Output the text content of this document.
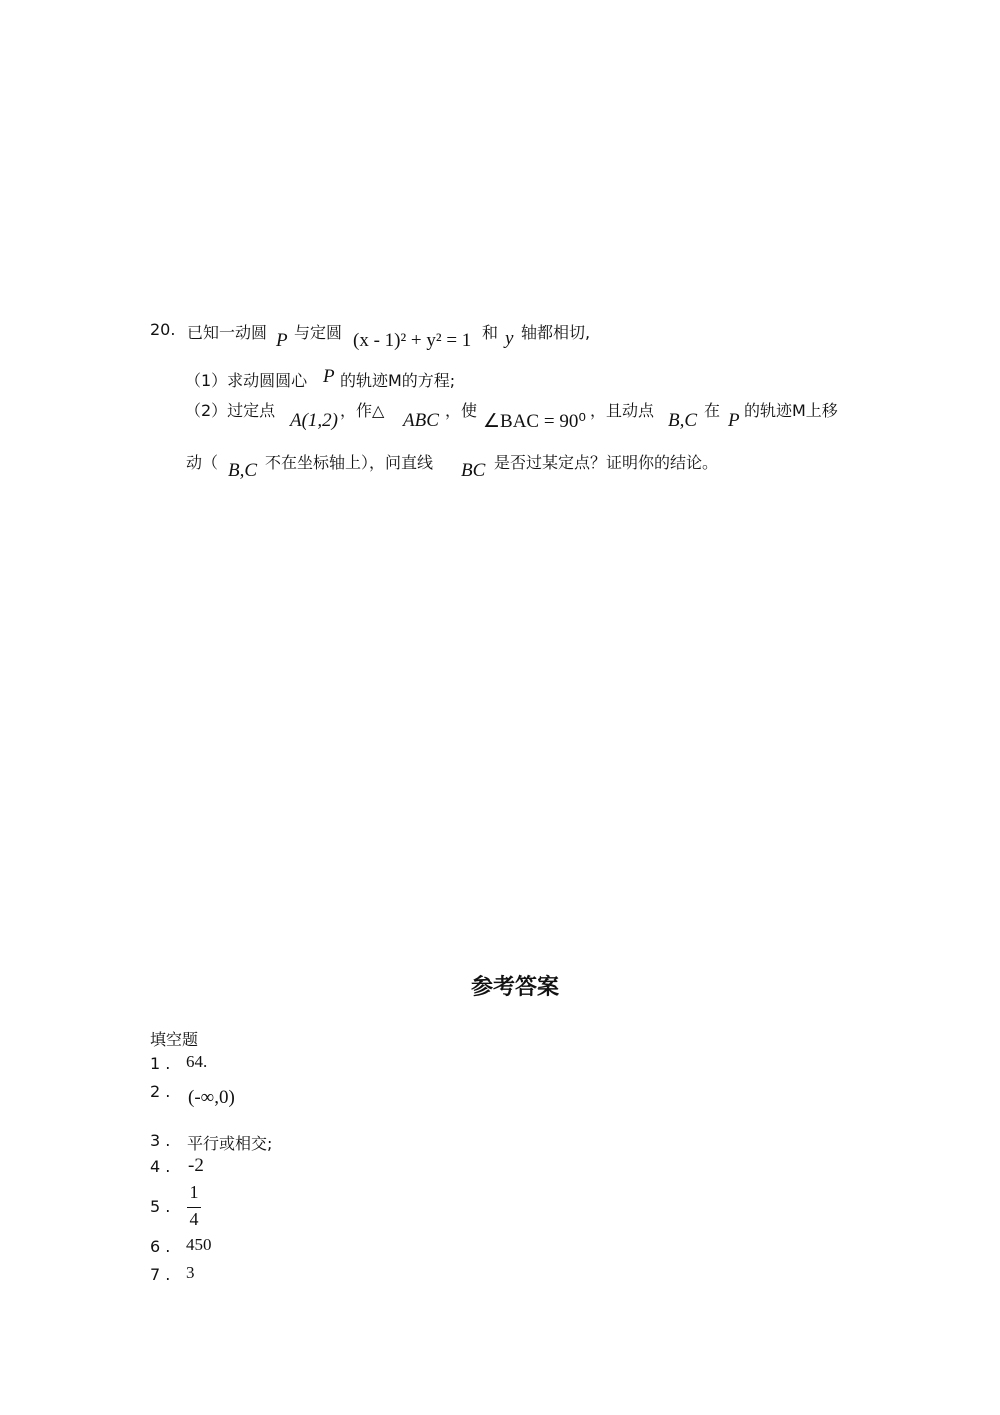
20. 已知一动圆 P 与定圆 (x - 1)² + y² = 1 和 y 轴都相切,
（1）求动圆圆心 P 的轨迹M的方程;
（2）过定点 A(1,2) ，作△ ABC ，使
∠BAC = 90⁰
，且动点 B,C 在 P 的轨迹M上移
动（ B,C 不在坐标轴上），问直线 BC 是否过某定点？证明你的结论。
参考答案
填空题
1 . 64.
2 . (-∞,0)
3 . 平行或相交;
4 . -2
5 .
1
4
6 . 450
7 . 3
